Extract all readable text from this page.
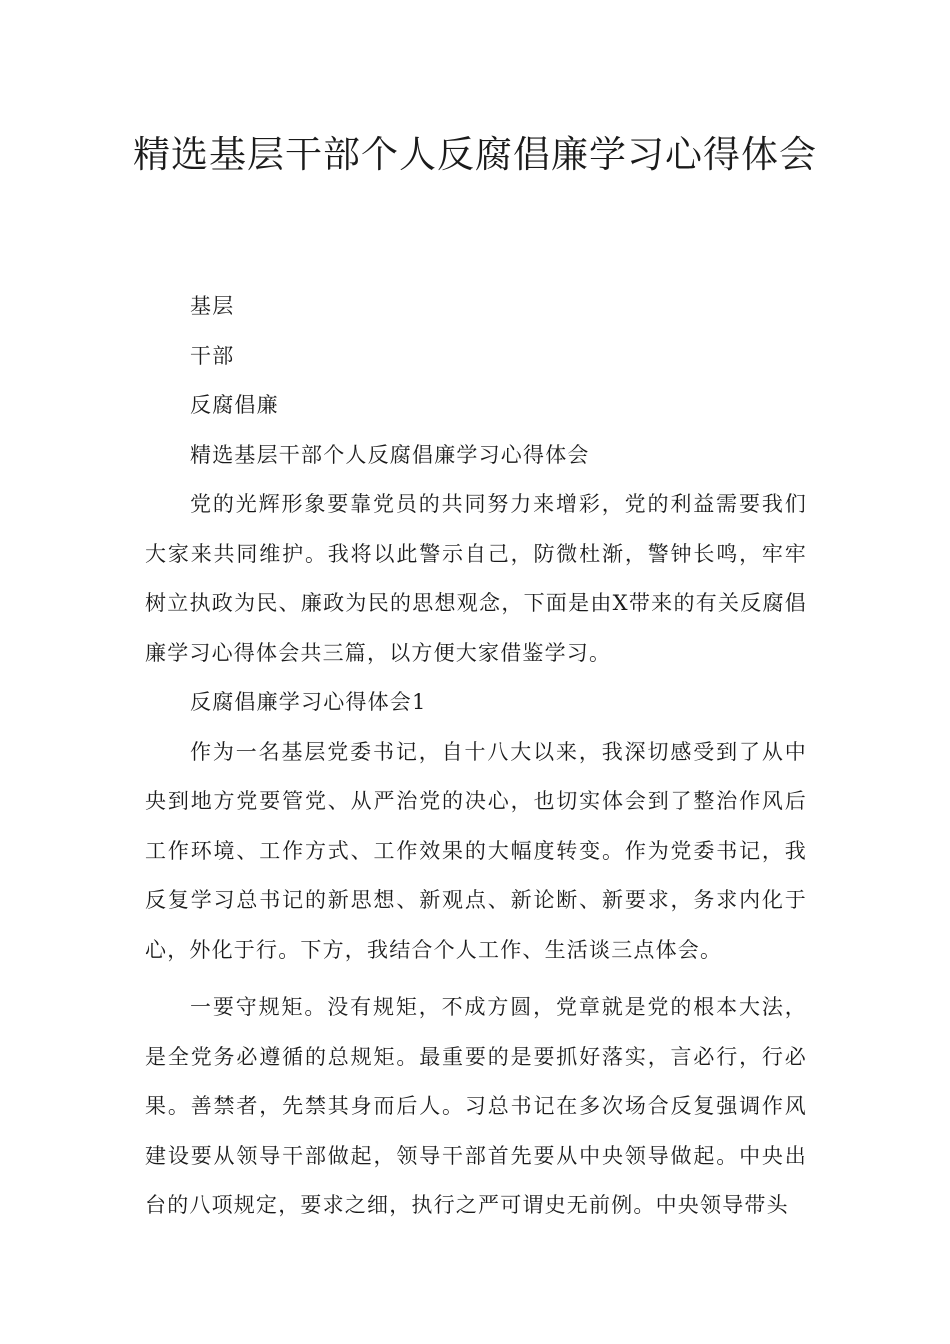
精选基层干部个人反腐倡廉学习心得体会

基层

干部

反腐倡廉

精选基层干部个人反腐倡廉学习心得体会

党的光辉形象要靠党员的共同努力来增彩，党的利益需要我们大家来共同维护。我将以此警示自己，防微杜渐，警钟长鸣，牢牢树立执政为民、廉政为民的思想观念，下面是由X带来的有关反腐倡廉学习心得体会共三篇，以方便大家借鉴学习。

反腐倡廉学习心得体会1

作为一名基层党委书记，自十八大以来，我深切感受到了从中央到地方党要管党、从严治党的决心，也切实体会到了整治作风后工作环境、工作方式、工作效果的大幅度转变。作为党委书记，我反复学习总书记的新思想、新观点、新论断、新要求，务求内化于心，外化于行。下方，我结合个人工作、生活谈三点体会。

一要守规矩。没有规矩，不成方圆，党章就是党的根本大法，是全党务必遵循的总规矩。最重要的是要抓好落实，言必行，行必果。善禁者，先禁其身而后人。习总书记在多次场合反复强调作风建设要从领导干部做起，领导干部首先要从中央领导做起。中央出台的八项规定，要求之细，执行之严可谓史无前例。中央领导带头
